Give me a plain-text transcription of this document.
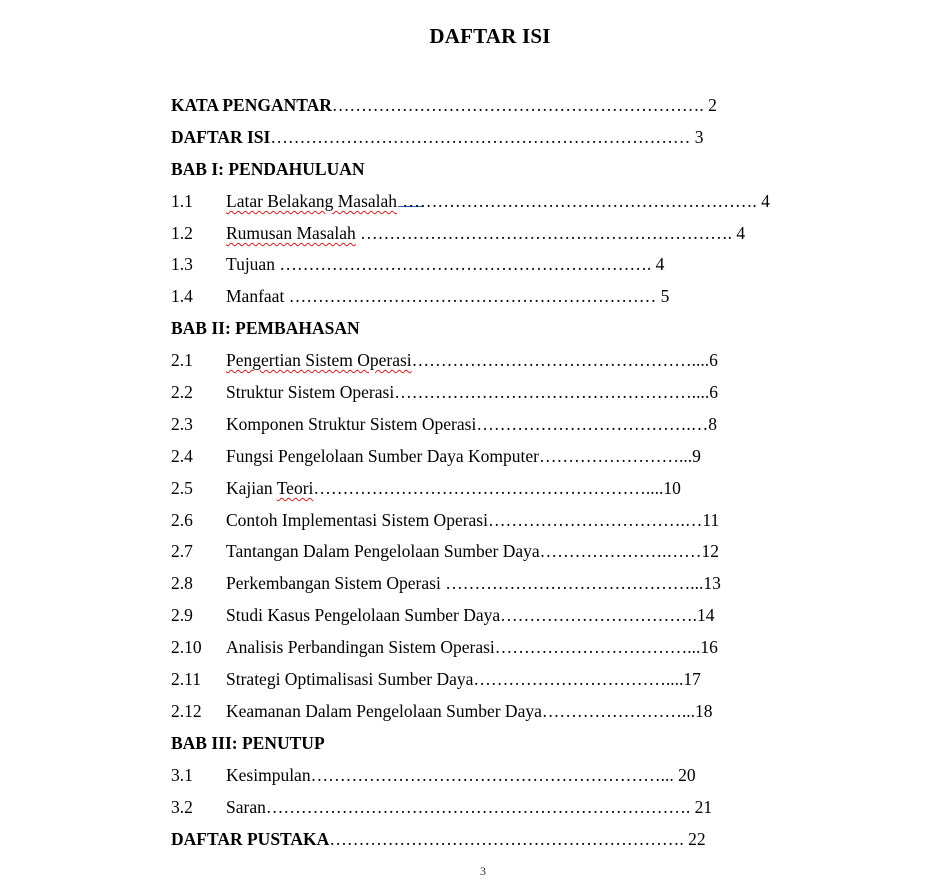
DAFTAR ISI
KATA PENGANTAR………………………………………………………. 2
DAFTAR ISI……………………………………………………………… 3
BAB I: PENDAHULUAN
1.1 Latar Belakang Masalah ……………………………………………………. 4
1.2 Rumusan Masalah ………………………………………………………. 4
1.3 Tujuan ………………………………………………………. 4
1.4 Manfaat ……………………………………………………… 5
BAB II: PEMBAHASAN
2.1 Pengertian Sistem Operasi…………………………………………....6
2.2 Struktur Sistem Operasi……………………………………………....6
2.3 Komponen Struktur Sistem Operasi……………………………….…8
2.4 Fungsi Pengelolaan Sumber Daya Komputer……………………...9
2.5 Kajian Teori…………………………………………………....10
2.6 Contoh Implementasi Sistem Operasi…………………………….…11
2.7 Tantangan Dalam Pengelolaan Sumber Daya………………….……12
2.8 Perkembangan Sistem Operasi ……………………………………...13
2.9 Studi Kasus Pengelolaan Sumber Daya…………………………….14
2.10 Analisis Perbandingan Sistem Operasi……………………………...16
2.11 Strategi Optimalisasi Sumber Daya……………………………....17
2.12 Keamanan Dalam Pengelolaan Sumber Daya……………………...18
BAB III: PENUTUP
3.1 Kesimpulan……………………………………………………... 20
3.2 Saran………………………………………………………………. 21
DAFTAR PUSTAKA……………………………………………………. 22
3
